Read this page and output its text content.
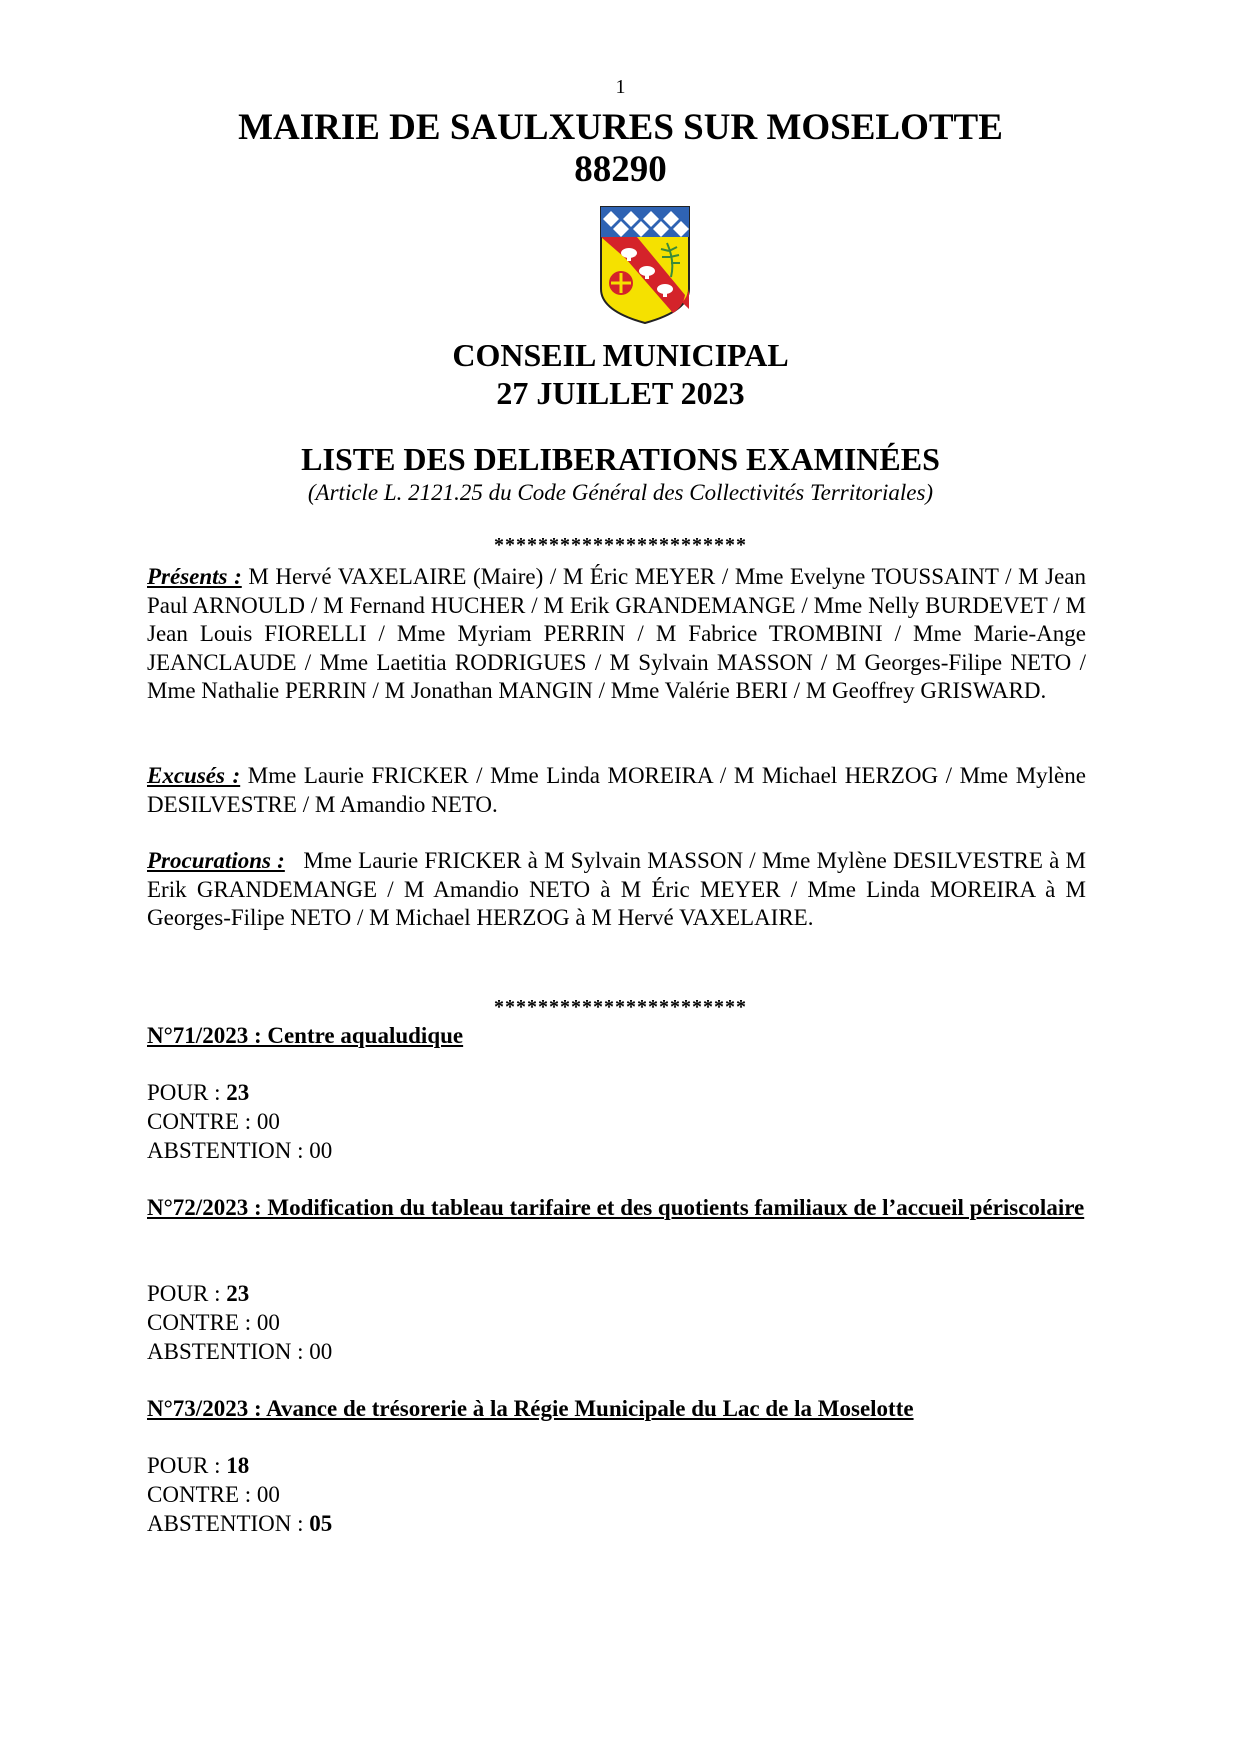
1
MAIRIE DE SAULXURES SUR MOSELOTTE
88290
CONSEIL MUNICIPAL
27 JUILLET 2023
LISTE DES DELIBERATIONS EXAMINÉES
(Article L. 2121.25 du Code Général des Collectivités Territoriales)
***********************
Présents : M Hervé VAXELAIRE (Maire) / M Éric MEYER / Mme Evelyne TOUSSAINT / M Jean Paul ARNOULD / M Fernand HUCHER / M Erik GRANDEMANGE / Mme Nelly BURDEVET / M Jean Louis FIORELLI / Mme Myriam PERRIN / M Fabrice TROMBINI / Mme Marie-Ange JEANCLAUDE / Mme Laetitia RODRIGUES / M Sylvain MASSON / M Georges-Filipe NETO / Mme Nathalie PERRIN / M Jonathan MANGIN / Mme Valérie BERI / M Geoffrey GRISWARD.
Excusés : Mme Laurie FRICKER / Mme Linda MOREIRA / M Michael HERZOG / Mme Mylène DESILVESTRE / M Amandio NETO.
Procurations :   Mme Laurie FRICKER à M Sylvain MASSON / Mme Mylène DESILVESTRE à M Erik GRANDEMANGE / M Amandio NETO à M Éric MEYER / Mme Linda MOREIRA à M Georges-Filipe NETO / M Michael HERZOG à M Hervé VAXELAIRE.
***********************
N°71/2023 : Centre aqualudique
POUR : 23
CONTRE : 00
ABSTENTION : 00
N°72/2023 : Modification du tableau tarifaire et des quotients familiaux de l’accueil périscolaire
POUR : 23
CONTRE : 00
ABSTENTION : 00
N°73/2023 : Avance de trésorerie à la Régie Municipale du Lac de la Moselotte
POUR : 18
CONTRE : 00
ABSTENTION : 05
